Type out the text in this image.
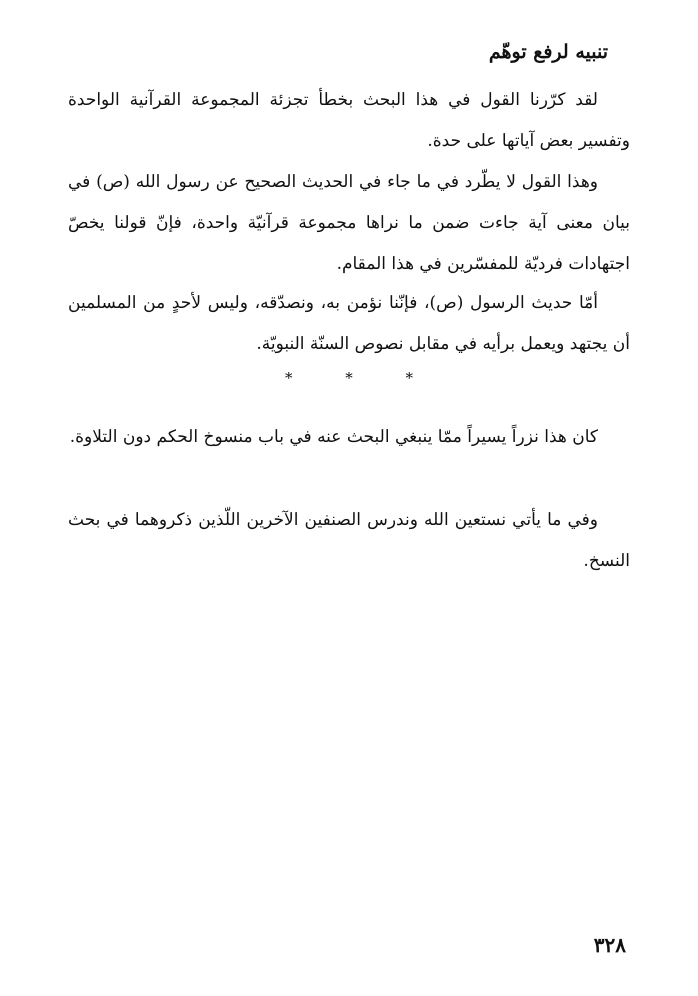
تنبيه لرفع توهّم

لقد كرّرنا القول في هذا البحث بخطأ تجزئة المجموعة القرآنية الواحدة وتفسير بعض آياتها على حدة.

وهذا القول لا يطّرد في ما جاء في الحديث الصحيح عن رسول الله (ص) في بيان معنى آية جاءت ضمن ما نراها مجموعة قرآنيّة واحدة، فإنّ قولنا يخصّ اجتهادات فرديّة للمفسّرين في هذا المقام.

أمّا حديث الرسول (ص)، فإنّنا نؤمن به، ونصدّقه، وليس لأحدٍ من المسلمين أن يجتهد ويعمل برأيه في مقابل نصوص السنّة النبويّة.

* * *

كان هذا نزراً يسيراً ممّا ينبغي البحث عنه في باب منسوخ الحكم دون التلاوة.

وفي ما يأتي نستعين الله وندرس الصنفين الآخرين اللّذين ذكروهما في بحث النسخ.

٣٢٨
